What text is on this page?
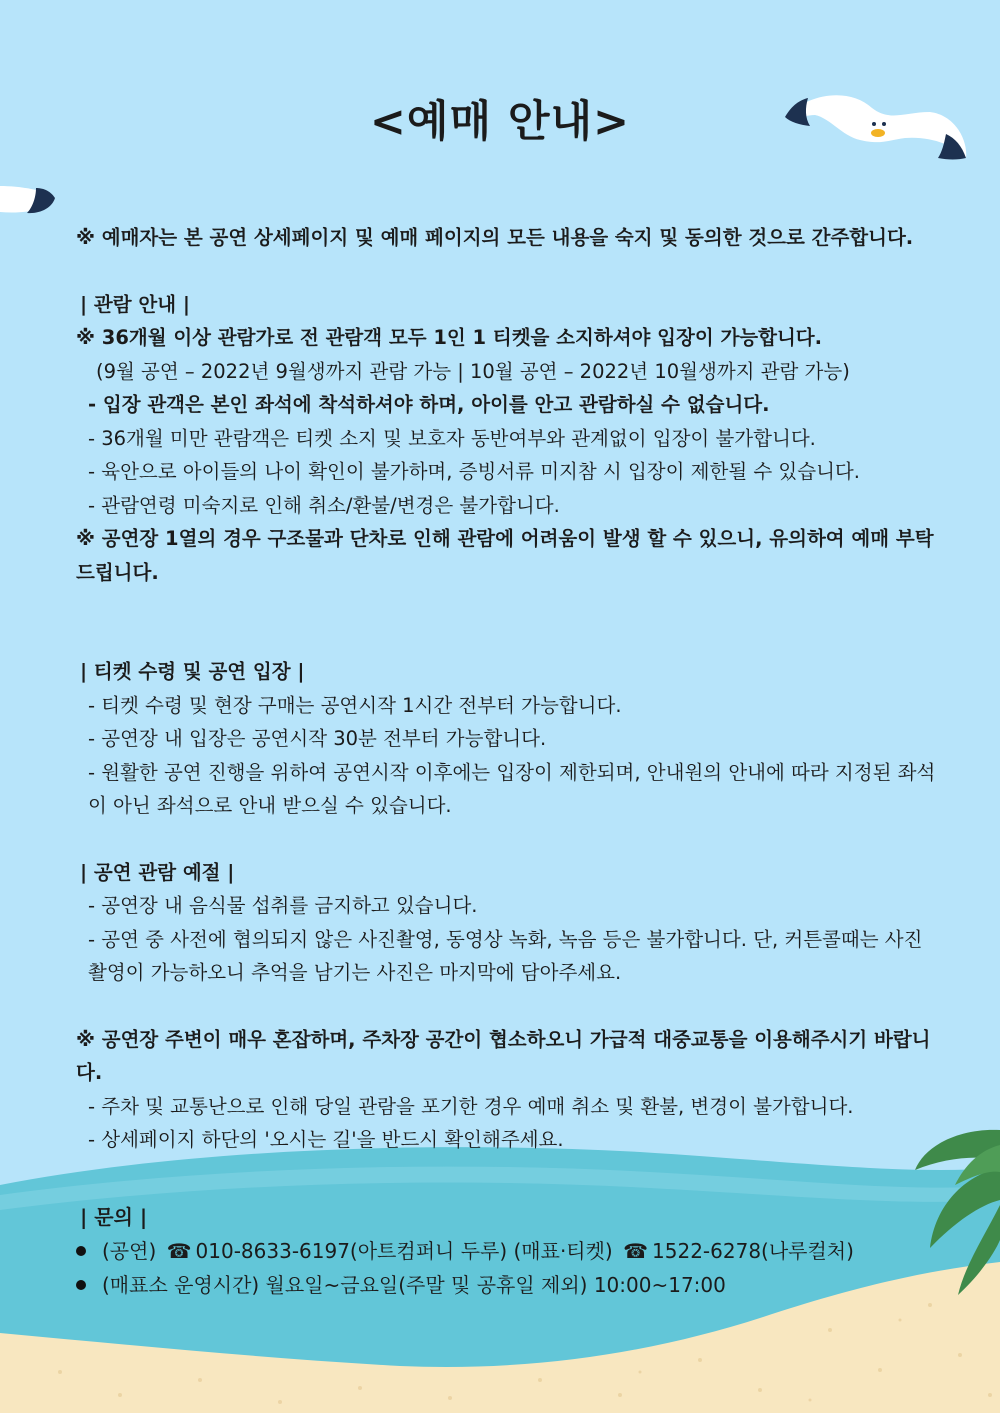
<예매 안내>

※ 예매자는 본 공연 상세페이지 및 예매 페이지의 모든 내용을 숙지 및 동의한 것으로 간주합니다.

| 관람 안내 |

※ 36개월 이상 관람가로 전 관람객 모두 1인 1 티켓을 소지하셔야 입장이 가능합니다.

(9월 공연 – 2022년 9월생까지 관람 가능 | 10월 공연 – 2022년 10월생까지 관람 가능)

- 입장 관객은 본인 좌석에 착석하셔야 하며, 아이를 안고 관람하실 수 없습니다.

- 36개월 미만 관람객은 티켓 소지 및 보호자 동반여부와 관계없이 입장이 불가합니다.

- 육안으로 아이들의 나이 확인이 불가하며, 증빙서류 미지참 시 입장이 제한될 수 있습니다.

- 관람연령 미숙지로 인해 취소/환불/변경은 불가합니다.

※ 공연장 1열의 경우 구조물과 단차로 인해 관람에 어려움이 발생 할 수 있으니, 유의하여 예매 부탁드립니다.

| 티켓 수령 및 공연 입장 |

- 티켓 수령 및 현장 구매는 공연시작 1시간 전부터 가능합니다.

- 공연장 내 입장은 공연시작 30분 전부터 가능합니다.

- 원활한 공연 진행을 위하여 공연시작 이후에는 입장이 제한되며, 안내원의 안내에 따라 지정된 좌석이 아닌 좌석으로 안내 받으실 수 있습니다.

| 공연 관람 예절 |

- 공연장 내 음식물 섭취를 금지하고 있습니다.

- 공연 중 사전에 협의되지 않은 사진촬영, 동영상 녹화, 녹음 등은 불가합니다. 단, 커튼콜때는 사진 촬영이 가능하오니 추억을 남기는 사진은 마지막에 담아주세요.

※ 공연장 주변이 매우 혼잡하며, 주차장 공간이 협소하오니 가급적 대중교통을 이용해주시기 바랍니다.

- 주차 및 교통난으로 인해 당일 관람을 포기한 경우 예매 취소 및 환불, 변경이 불가합니다.

- 상세페이지 하단의 '오시는 길'을 반드시 확인해주세요.

| 문의 |

(공연) ☎ 010-8633-6197(아트컴퍼니 두루) (매표·티켓) ☎ 1522-6278(나루컬처)

(매표소 운영시간) 월요일~금요일(주말 및 공휴일 제외) 10:00~17:00
